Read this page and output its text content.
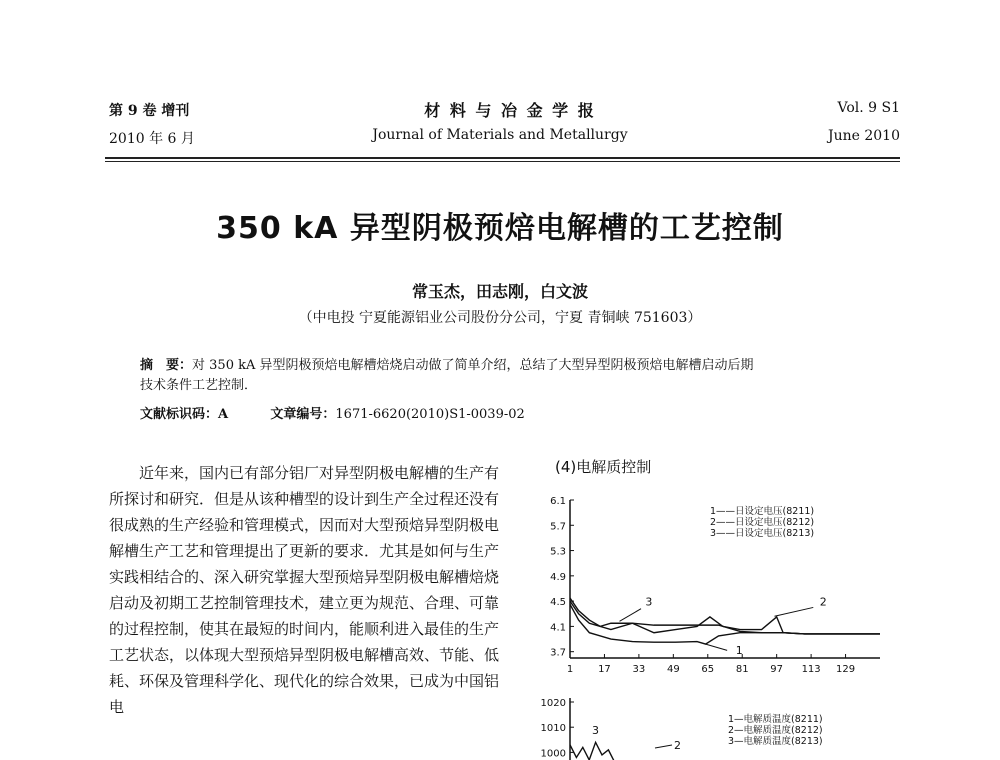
第 9 卷 增刊
2010 年 6 月
材 料 与 冶 金 学 报
Journal of Materials and Metallurgy
Vol. 9 S1
June 2010
350 kA 异型阴极预焙电解槽的工艺控制
常玉杰，田志刚，白文波
（中电投 宁夏能源铝业公司股份分公司，宁夏 青铜峡 751603）
摘　要：对 350 kA 异型阴极预焙电解槽焙烧启动做了简单介绍，总结了大型异型阴极预焙电解槽启动后期
技术条件工艺控制．
文献标识码：A	文章编号：1671-6620(2010)S1-0039-02

近年来，国内已有部分铝厂对异型阴极电解槽的生产有所探讨和研究．但是从该种槽型的设计到生产全过程还没有很成熟的生产经验和管理模式，因而对大型预焙异型阴极电解槽生产工艺和管理提出了更新的要求．尤其是如何与生产实践相结合的、深入研究掌握大型预焙异型阴极电解槽焙烧启动及初期工艺控制管理技术，建立更为规范、合理、可靠的过程控制，使其在最短的时间内，能顺利进入最佳的生产工艺状态，以体现大型预焙异型阴极电解槽高效、节能、低耗、环保及管理科学化、现代化的综合效果，已成为中国铝电

(4)电解质控制
6.1
5.7
5.3
4.9
4.5
4.1
3.7
1 17 33 49 65 81 97 113 129
1
2
3
1——日设定电压(8211)
2——日设定电压(8212)
3——日设定电压(8213)
1020
1010
1000
3
2
1—电解质温度(8211)
2—电解质温度(8212)
3—电解质温度(8213)
